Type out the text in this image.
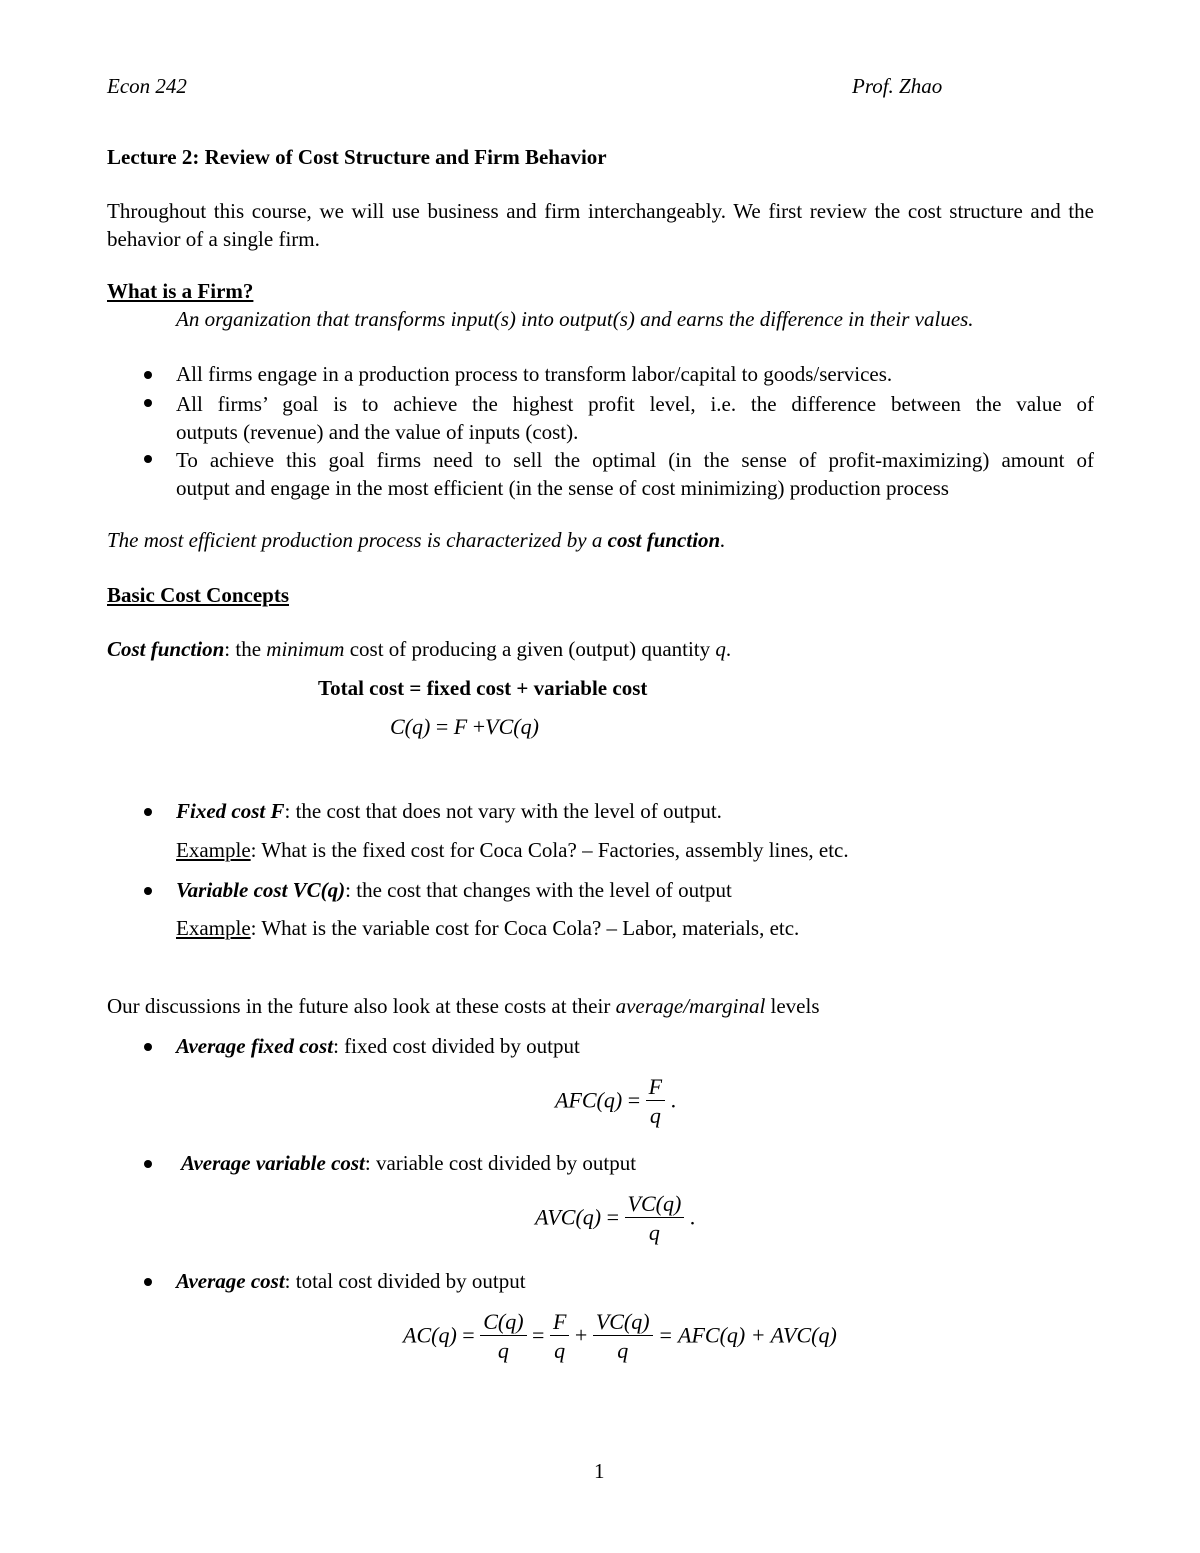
Econ 242	Prof. Zhao
Lecture 2: Review of Cost Structure and Firm Behavior
Throughout this course, we will use business and firm interchangeably. We first review the cost structure and the behavior of a single firm.
What is a Firm?
An organization that transforms input(s) into output(s) and earns the difference in their values.
All firms engage in a production process to transform labor/capital to goods/services.
All firms’ goal is to achieve the highest profit level, i.e. the difference between the value of
outputs (revenue) and the value of inputs (cost).
To achieve this goal firms need to sell the optimal (in the sense of profit-maximizing) amount of
output and engage in the most efficient (in the sense of cost minimizing) production process
The most efficient production process is characterized by a cost function.
Basic Cost Concepts
Cost function: the minimum cost of producing a given (output) quantity q.
Total cost = fixed cost + variable cost
C(q) = F +VC(q)
Fixed cost F: the cost that does not vary with the level of output.
Example: What is the fixed cost for Coca Cola? – Factories, assembly lines, etc.
Variable cost VC(q): the cost that changes with the level of output
Example: What is the variable cost for Coca Cola? – Labor, materials, etc.
Our discussions in the future also look at these costs at their average/marginal levels
Average fixed cost: fixed cost divided by output
$AFC(q) = \frac{F}{q}$ .
Average variable cost: variable cost divided by output
$AVC(q) = \frac{VC(q)}{q}$ .
Average cost: total cost divided by output
$AC(q) = \frac{C(q)}{q} = \frac{F}{q} + \frac{VC(q)}{q} = AFC(q) + AVC(q)$
1
